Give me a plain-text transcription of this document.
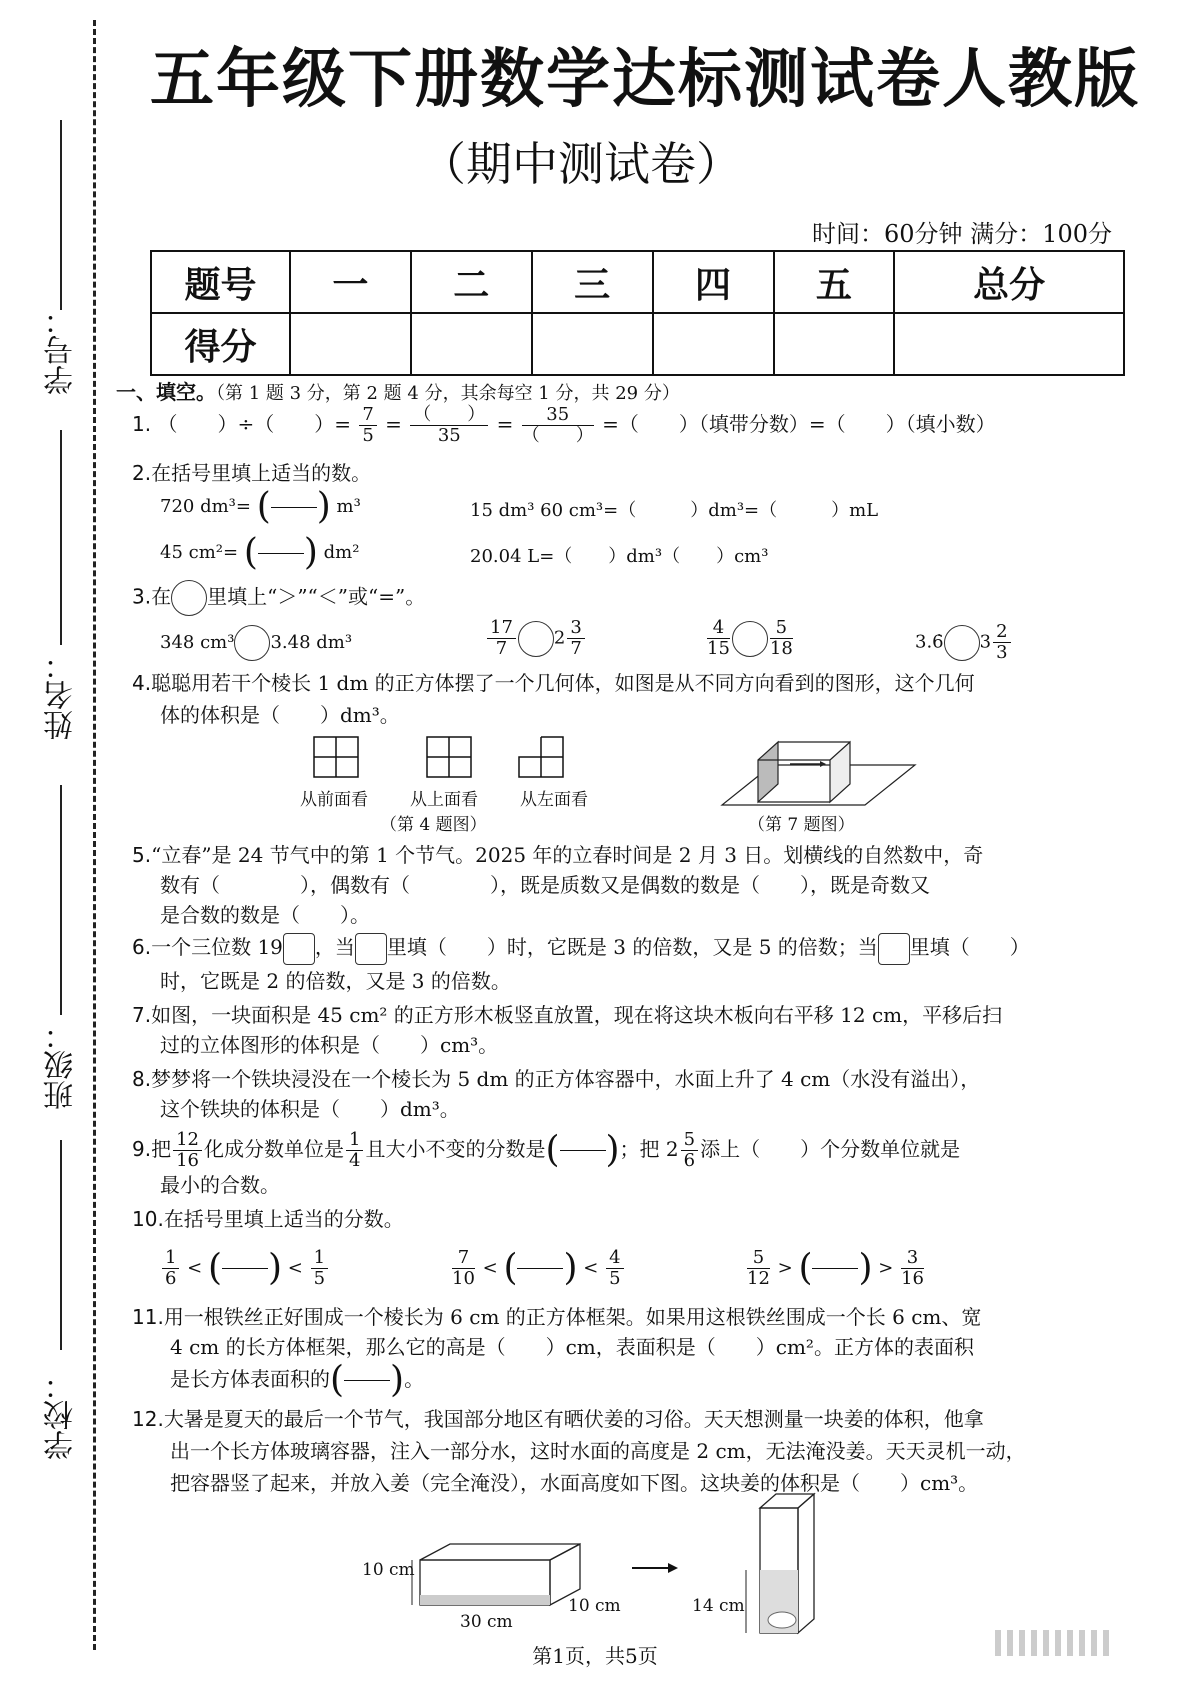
学号：
姓名：
班级：
学校：
五年级下册数学达标测试卷人教版
（期中测试卷）
时间：60分钟 满分：100分
题号	一	二	三	四	五	总分
得分						
一、填空。（第 1 题 3 分，第 2 题 4 分，其余每空 1 分，共 29 分）
1. （　　）÷（　　）= $\frac{7}{5} = \frac{( )}{35} = \frac{35}{( )}$ =（　　）（填带分数）=（　　）（填小数）
2.在括号里填上适当的数。
720 dm³= ( ) m³	15 dm³ 60 cm³=（　　　）dm³=（　　　）mL
45 cm²= ( ) dm²	20.04 L=（　　）dm³（　　）cm³
3.在 里填上“＞”“＜”或“=”。
348 cm³ 3.48 dm³	$\frac{17}{7} 2 \frac{3}{7}$	$\frac{4}{15} \frac{5}{18}$	3.6̇ $3 \frac{2}{3}$
4.聪聪用若干个棱长 1 dm 的正方体摆了一个几何体，如图是从不同方向看到的图形，这个几何
体的体积是（　　）dm³。
从前面看 从上面看 从左面看
（第 4 题图）	（第 7 题图）
5.“立春”是 24 节气中的第 1 个节气。2025 年的立春时间是 2 月 3 日。划横线的自然数中，奇
数有（　　　　），偶数有（　　　　），既是质数又是偶数的数是（　　），既是奇数又
是合数的数是（　　）。
6.一个三位数 19 ，当 里填（　　）时，它既是 3 的倍数，又是 5 的倍数；当 里填（　　）
时，它既是 2 的倍数，又是 3 的倍数。
7.如图，一块面积是 45 cm² 的正方形木板竖直放置，现在将这块木板向右平移 12 cm，平移后扫
过的立体图形的体积是（　　）cm³。
8.梦梦将一个铁块浸没在一个棱长为 5 dm 的正方体容器中，水面上升了 4 cm（水没有溢出），
这个铁块的体积是（　　）dm³。
9.把 $\frac{12}{16}$ 化成分数单位是 $\frac{1}{4}$ 且大小不变的分数是( )；把 $2 \frac{5}{6}$ 添上（　　）个分数单位就是
最小的合数。
10.在括号里填上适当的分数。
$\frac{1}{6}$ < ( ) < $\frac{1}{5}$	$\frac{7}{10}$ < ( ) < $\frac{4}{5}$	$\frac{5}{12}$ > ( ) > $\frac{3}{16}$
11.用一根铁丝正好围成一个棱长为 6 cm 的正方体框架。如果用这根铁丝围成一个长 6 cm、宽
4 cm 的长方体框架，那么它的高是（　　）cm，表面积是（　　）cm²。正方体的表面积
是长方体表面积的( )。
12.大暑是夏天的最后一个节气，我国部分地区有晒伏姜的习俗。天天想测量一块姜的体积，他拿
出一个长方体玻璃容器，注入一部分水，这时水面的高度是 2 cm，无法淹没姜。天天灵机一动，
把容器竖了起来，并放入姜（完全淹没），水面高度如下图。这块姜的体积是（　　）cm³。
10 cm
30 cm
10 cm	14 cm
第1页，共5页
